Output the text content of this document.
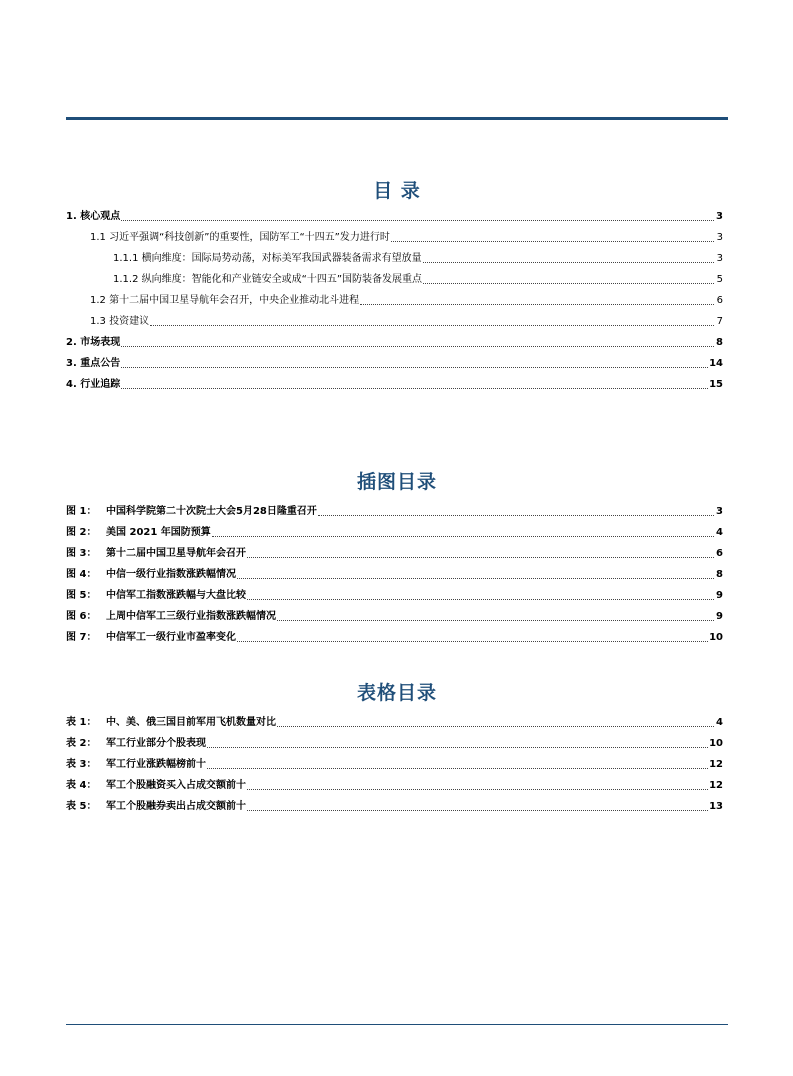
目 录
1. 核心观点	3
1.1 习近平强调“科技创新”的重要性，国防军工“十四五”发力进行时	3
1.1.1 横向维度：国际局势动荡，对标美军我国武器装备需求有望放量	3
1.1.2 纵向维度：智能化和产业链安全或成“十四五”国防装备发展重点	5
1.2 第十二届中国卫星导航年会召开，中央企业推动北斗进程	6
1.3 投资建议	7
2. 市场表现	8
3. 重点公告	14
4. 行业追踪	15
插图目录
图 1： 中国科学院第二十次院士大会5月28日隆重召开	3
图 2： 美国 2021 年国防预算	4
图 3： 第十二届中国卫星导航年会召开	6
图 4： 中信一级行业指数涨跌幅情况	8
图 5： 中信军工指数涨跌幅与大盘比较	9
图 6： 上周中信军工三级行业指数涨跌幅情况	9
图 7： 中信军工一级行业市盈率变化	10
表格目录
表 1： 中、美、俄三国目前军用飞机数量对比	4
表 2： 军工行业部分个股表现	10
表 3： 军工行业涨跌幅榜前十	12
表 4： 军工个股融资买入占成交额前十	12
表 5： 军工个股融券卖出占成交额前十	13
